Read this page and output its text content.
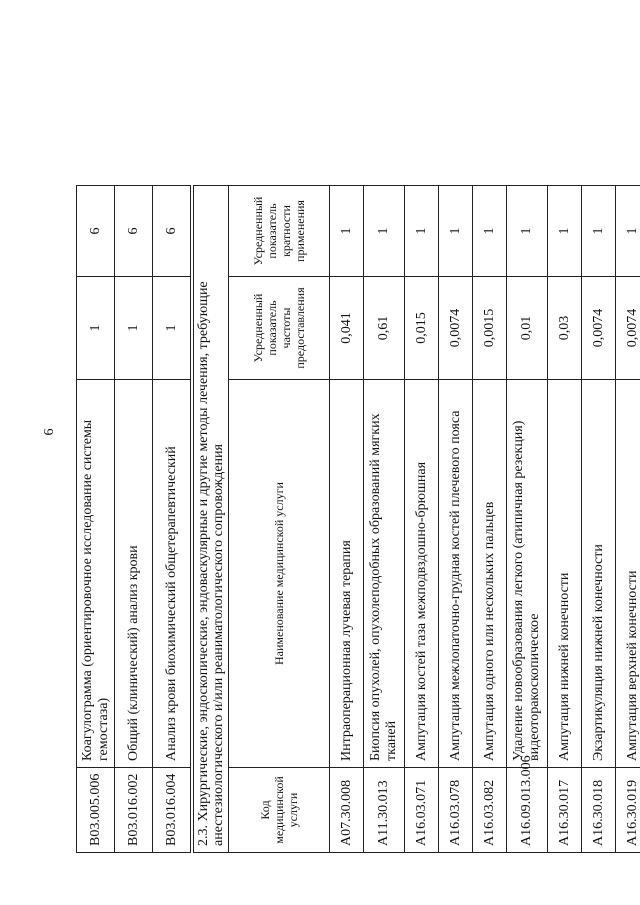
6
B03.005.006	Коагулограмма (ориентировочное исследование системы гемостаза)	1	6	
B03.016.002	Общий (клинический) анализ крови	1	6	
B03.016.004	Анализ крови биохимический общетерапевтический	1	6	
2.3. Хирургические, эндоскопические, эндоваскулярные и другие методы лечения, требующие анестезиологического и/или реаниматологического сопровождения				
Код медицинской услуги	Наименование медицинской услуги	Усредненный показатель частоты предоставления	Усредненный показатель кратности применения	
A07.30.008	Интраоперационная лучевая терапия	0,041	1	
A11.30.013	Биопсия опухолей, опухолеподобных образований мягких тканей	0,61	1	
A16.03.071	Ампутация костей таза межподвздошно-брюшная	0,015	1	
A16.03.078	Ампутация межлопаточно-грудная костей плечевого пояса	0,0074	1	
A16.03.082	Ампутация одного или нескольких пальцев	0,0015	1	
A16.09.013.006	Удаление новообразования легкого (атипичная резекция) видеоторакоскопическое	0,01	1	
A16.30.017	Ампутация нижней конечности	0,03	1	
A16.30.018	Экзартикуляция нижней конечности	0,0074	1	
A16.30.019	Ампутация верхней конечности	0,0074	1	
